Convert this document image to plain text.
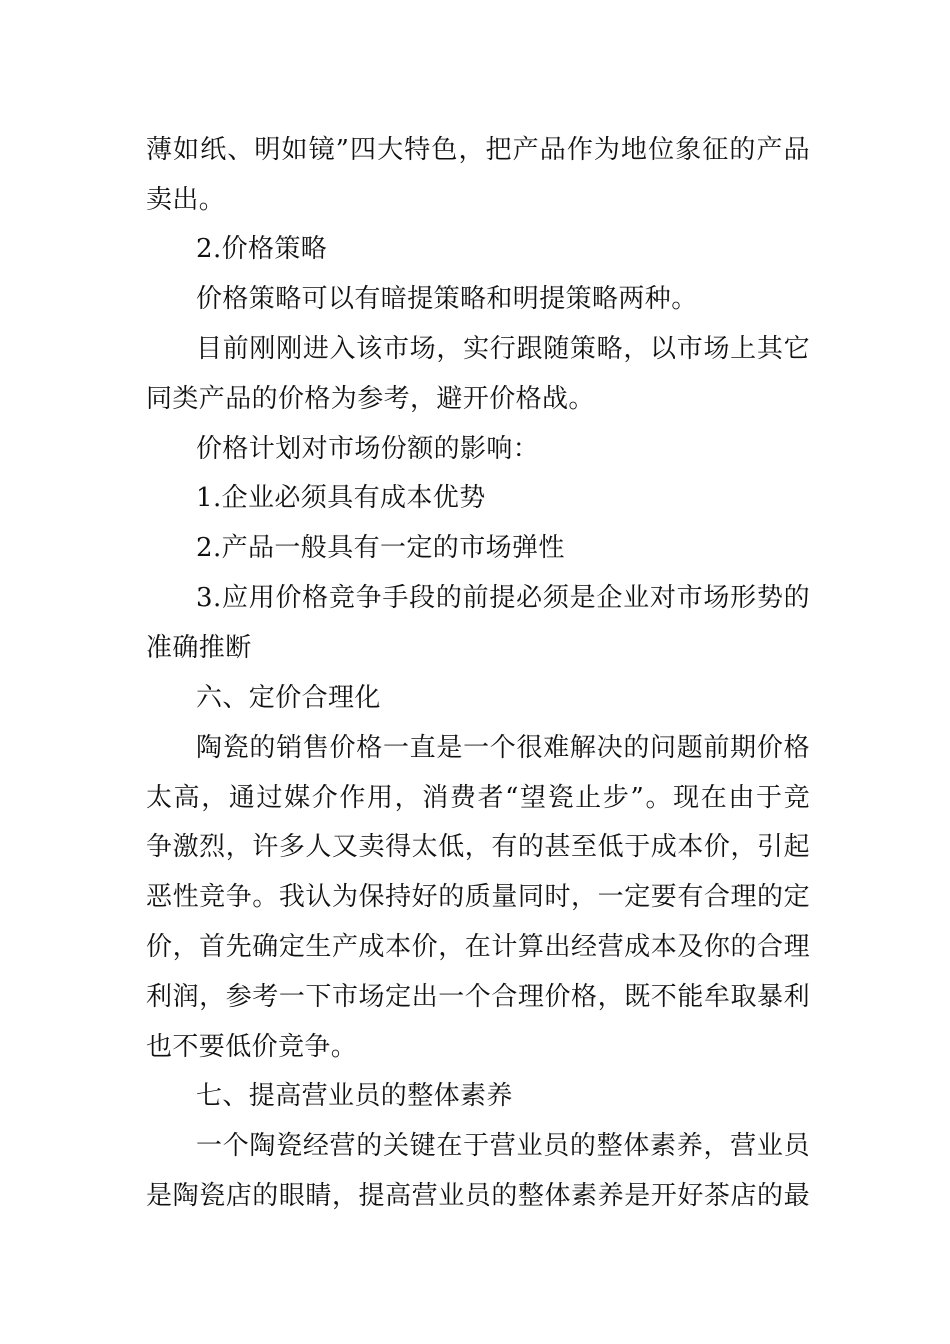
薄如纸、明如镜”四大特色，把产品作为地位象征的产品
卖出。
2.价格策略
价格策略可以有暗提策略和明提策略两种。
目前刚刚进入该市场，实行跟随策略，以市场上其它
同类产品的价格为参考，避开价格战。
价格计划对市场份额的影响：
1.企业必须具有成本优势
2.产品一般具有一定的市场弹性
3.应用价格竞争手段的前提必须是企业对市场形势的
准确推断
六、定价合理化
陶瓷的销售价格一直是一个很难解决的问题前期价格
太高，通过媒介作用，消费者“望瓷止步”。现在由于竞
争激烈，许多人又卖得太低，有的甚至低于成本价，引起
恶性竞争。我认为保持好的质量同时，一定要有合理的定
价，首先确定生产成本价，在计算出经营成本及你的合理
利润，参考一下市场定出一个合理价格，既不能牟取暴利
也不要低价竞争。
七、提高营业员的整体素养
一个陶瓷经营的关键在于营业员的整体素养，营业员
是陶瓷店的眼睛，提高营业员的整体素养是开好茶店的最
